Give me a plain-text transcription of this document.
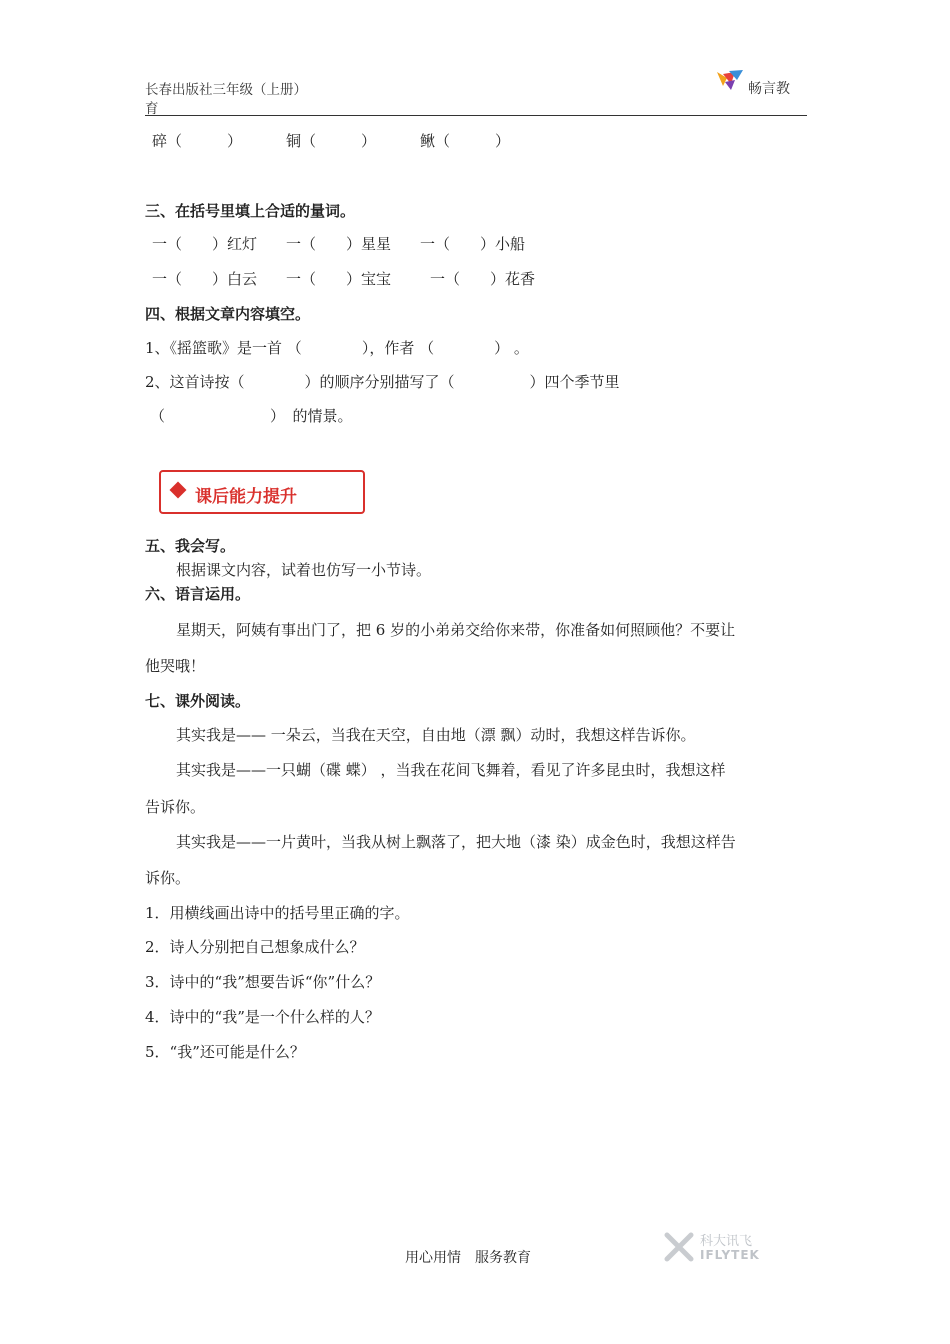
长春出版社三年级（上册）
育
畅言教
碎（　　　）	铜（　　　）	鳅（　　　）
三、在括号里填上合适的量词。
一（　　）红灯 一（　　）星星 一（　　）小船
一（　　）白云 一（　　）宝宝	一（　　）花香
四、根据文章内容填空。
1、《摇篮歌》是一首 （　　　　），作者 （　　　　） 。
2、这首诗按（　　　　）的顺序分别描写了（　　　　　）四个季节里
（　　　　　　　）　的情景。
课后能力提升
五、我会写。
根据课文内容，试着也仿写一小节诗。
六、语言运用。
星期天，阿姨有事出门了，把 6 岁的小弟弟交给你来带，你准备如何照顾他？不要让
他哭哦！
七、课外阅读。
其实我是—— 一朵云，当我在天空，自由地（漂 飘）动时，我想这样告诉你。
其实我是——一只蝴（碟 蝶） ，当我在花间飞舞着，看见了许多昆虫时，我想这样
告诉你。
其实我是——一片黄叶，当我从树上飘落了，把大地（漆 染）成金色时，我想这样告
诉你。
1．用横线画出诗中的括号里正确的字。
2．诗人分别把自己想象成什么？
3．诗中的“我”想要告诉“你”什么？
4．诗中的“我”是一个什么样的人？
5．“我”还可能是什么？
用心用情　服务教育
科大讯飞
IFLYTEK
